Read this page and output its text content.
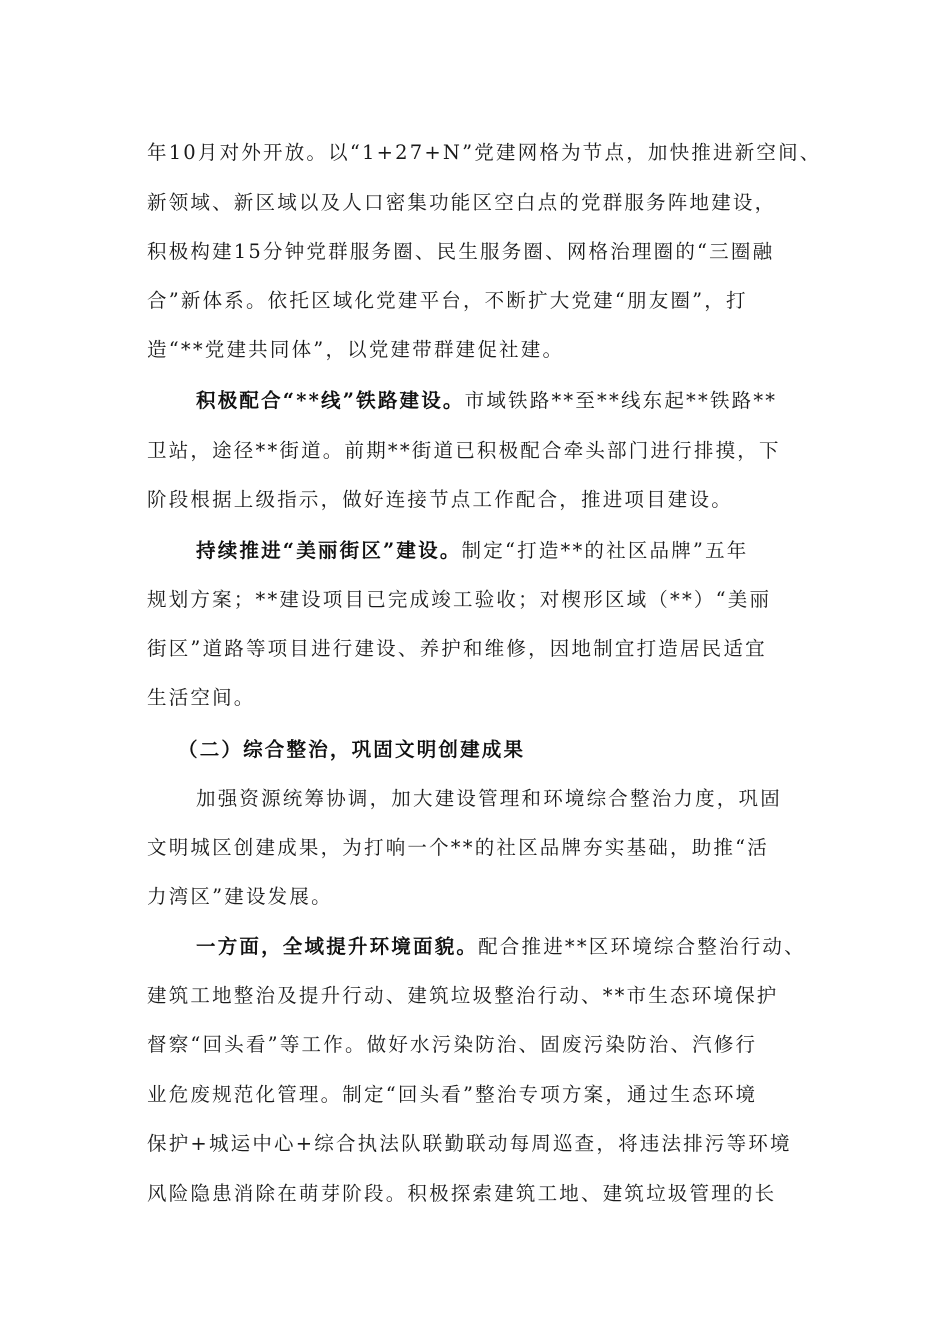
年10月对外开放。以“1+27+N”党建网格为节点，加快推进新空间、
新领域、新区域以及人口密集功能区空白点的党群服务阵地建设，
积极构建15分钟党群服务圈、民生服务圈、网格治理圈的“三圈融
合”新体系。依托区域化党建平台，不断扩大党建“朋友圈”，打
造“**党建共同体”，以党建带群建促社建。
积极配合“**线”铁路建设。市域铁路**至**线东起**铁路**
卫站，途径**街道。前期**街道已积极配合牵头部门进行排摸，下
阶段根据上级指示，做好连接节点工作配合，推进项目建设。
持续推进“美丽街区”建设。制定“打造**的社区品牌”五年
规划方案；**建设项目已完成竣工验收；对楔形区域（**）“美丽
街区”道路等项目进行建设、养护和维修，因地制宜打造居民适宜
生活空间。
（二）综合整治，巩固文明创建成果
加强资源统筹协调，加大建设管理和环境综合整治力度，巩固
文明城区创建成果，为打响一个**的社区品牌夯实基础，助推“活
力湾区”建设发展。
一方面，全域提升环境面貌。配合推进**区环境综合整治行动、
建筑工地整治及提升行动、建筑垃圾整治行动、**市生态环境保护
督察“回头看”等工作。做好水污染防治、固废污染防治、汽修行
业危废规范化管理。制定“回头看”整治专项方案，通过生态环境
保护+城运中心+综合执法队联勤联动每周巡查，将违法排污等环境
风险隐患消除在萌芽阶段。积极探索建筑工地、建筑垃圾管理的长
